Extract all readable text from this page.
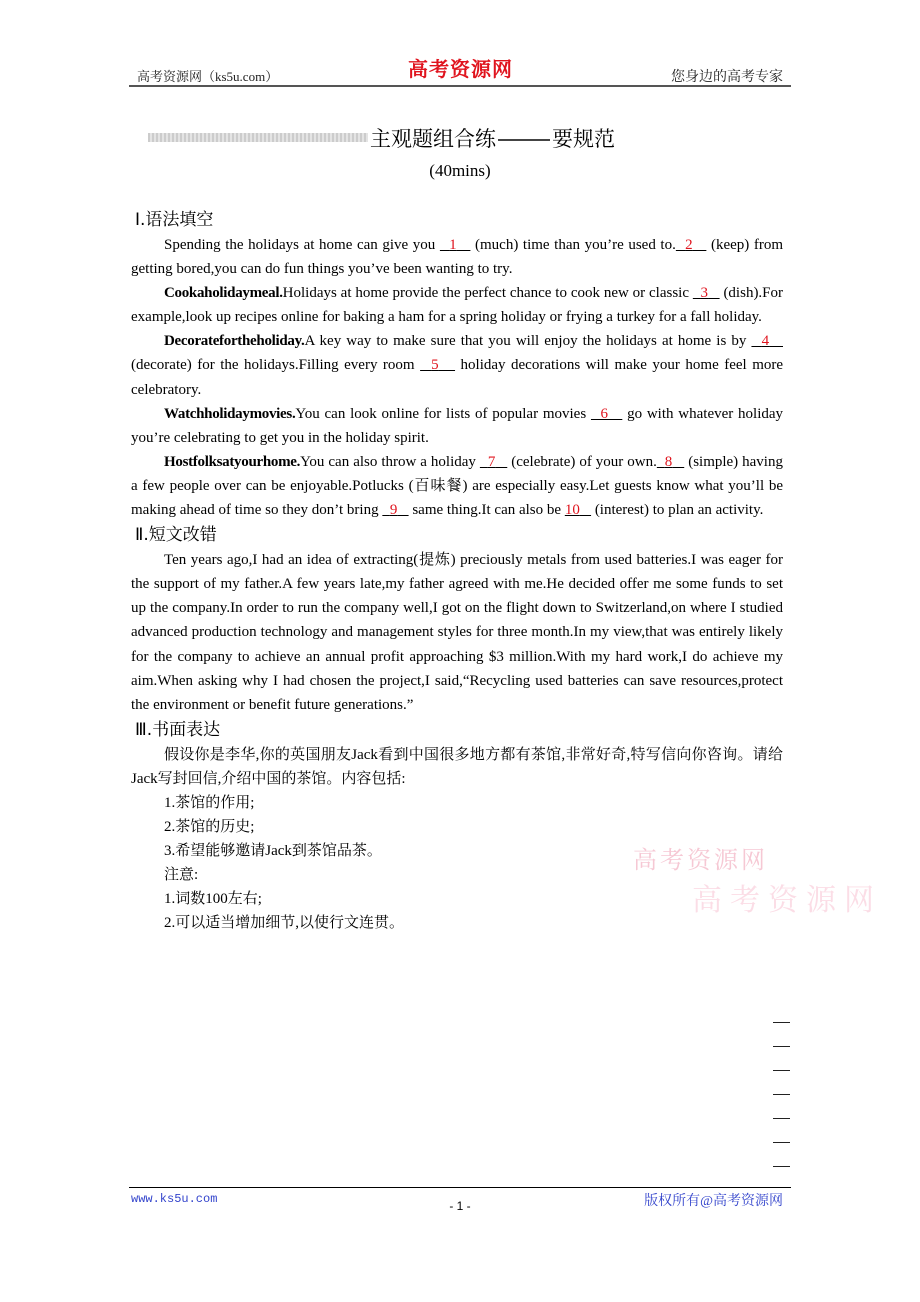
高考资源网（ks5u.com）	高考资源网	您身边的高考专家
主观题组合练	要规范
(40mins)
Ⅰ.语法填空

Spending the holidays at home can give you   1    (much) time than you’re used to. 2    (keep) from getting bored,you can do fun things you’ve been wanting to try.

Cookaholidaymeal.Holidays at home provide the perfect chance to cook new or classic   3    (dish).For example,look up recipes online for baking a ham for a spring holiday or frying a turkey for a fall holiday.

Decoratefortheholiday.A key way to make sure that you will enjoy the holidays at home is by   4    (decorate) for the holidays.Filling every room   5    holiday decorations will make your home feel more celebratory.

Watchholidaymovies.You can look online for lists of popular movies   6    go with whatever holiday you’re celebrating to get you in the holiday spirit.

Hostfolksatyourhome.You can also throw a holiday   7    (celebrate) of your own. 8    (simple) having a few people over can be enjoyable.Potlucks (百味餐) are especially easy.Let guests know what you’ll be making ahead of time so they don’t bring   9    same thing.It can also be 10    (interest) to plan an activity.

Ⅱ.短文改错

Ten years ago,I had an idea of extracting(提炼) preciously metals from used batteries.I was eager for the support of my father.A few years late,my father agreed with me.He decided offer me some funds to set up the company.In order to run the company well,I got on the flight down to Switzerland,on where I studied advanced production technology and management styles for three month.In my view,that was entirely likely for the company to achieve an annual profit approaching $3 million.With my hard work,I do achieve my aim.When asking why I had chosen the project,I said,“Recycling used batteries can save resources,protect the environment or benefit future generations.”

Ⅲ.书面表达

假设你是李华,你的英国朋友Jack看到中国很多地方都有茶馆,非常好奇,特写信向你咨询。请给Jack写封回信,介绍中国的茶馆。内容包括:

1.茶馆的作用;

2.茶馆的历史;

3.希望能够邀请Jack到茶馆品茶。

注意:

1.词数100左右;

2.可以适当增加细节,以使行文连贯。

高考资源网
高考资源网
www.ks5u.com	- 1 -	版权所有@高考资源网
